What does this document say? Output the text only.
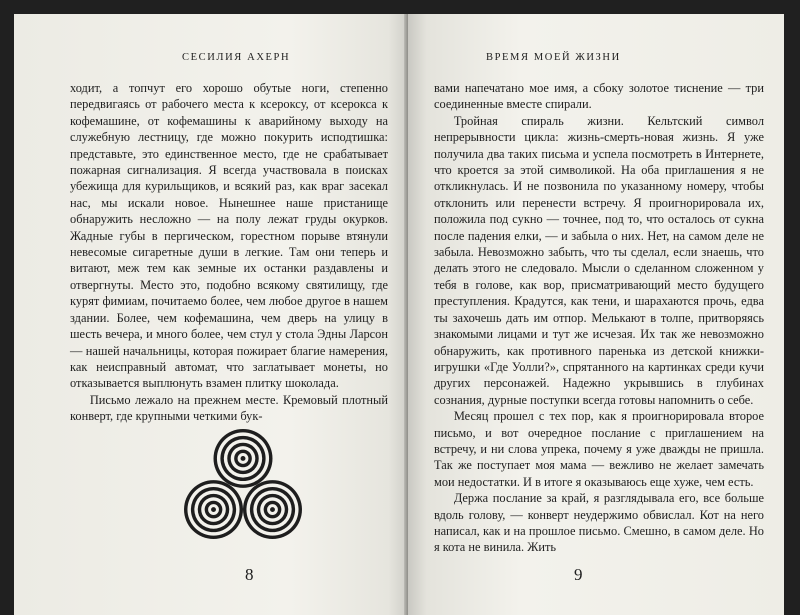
СЕСИЛИЯ АХЕРН

ходит, а топчут его хорошо обутые ноги, степенно передвигаясь от рабочего места к ксероксу, от ксерокса к кофемашине, от кофемашины к аварийному выходу на служебную лестницу, где можно покурить исподтишка: представьте, это единственное место, где не срабатывает пожарная сигнализация. Я всегда участвовала в поисках убежища для курильщиков, и всякий раз, как враг засекал нас, мы искали новое. Нынешнее наше пристанище обнаружить несложно — на полу лежат груды окурков. Жадные губы в пергическом, горестном порыве втянули невесомые сигаретные души в легкие. Там они теперь и витают, меж тем как земные их останки раздавлены и отвергнуты. Место это, подобно всякому святилищу, где курят фимиам, почитаемо более, чем любое другое в нашем здании. Более, чем кофемашина, чем дверь на улицу в шесть вечера, и много более, чем стул у стола Эдны Ларсон — нашей начальницы, которая пожирает благие намерения, как неисправный автомат, что заглатывает монеты, но отказывается выплюнуть взамен плитку шоколада.

Письмо лежало на прежнем месте. Кремовый плотный конверт, где крупными четкими бук-

8
ВРЕМЯ МОЕЙ ЖИЗНИ

вами напечатано мое имя, а сбоку золотое тиснение — три соединенные вместе спирали.

Тройная спираль жизни. Кельтский символ непрерывности цикла: жизнь-смерть-новая жизнь. Я уже получила два таких письма и успела посмотреть в Интернете, что кроется за этой символикой. На оба приглашения я не откликнулась. И не позвонила по указанному номеру, чтобы отклонить или перенести встречу. Я проигнорировала их, положила под сукно — точнее, под то, что осталось от сукна после падения елки, — и забыла о них. Нет, на самом деле не забыла. Невозможно забыть, что ты сделал, если знаешь, что делать этого не следовало. Мысли о сделанном сложенном у тебя в голове, как вор, присматривающий место будущего преступления. Крадутся, как тени, и шарахаются прочь, едва ты захочешь дать им отпор. Мелькают в толпе, притворяясь знакомыми лицами и тут же исчезая. Их так же невозможно обнаружить, как противного паренька из детской книжки-игрушки «Где Уолли?», спрятанного на картинках среди кучи других персонажей. Надежно укрывшись в глубинах сознания, дурные поступки всегда готовы напомнить о себе.

Месяц прошел с тех пор, как я проигнорировала второе письмо, и вот очередное послание с приглашением на встречу, и ни слова упрека, почему я уже дважды не пришла. Так же поступает моя мама — вежливо не желает замечать мои недостатки. И в итоге я оказываюсь еще хуже, чем есть.

Держа послание за край, я разглядывала его, все больше вдоль голову, — конверт неудержимо обвислал. Кот на него написал, как и на прошлое письмо. Смешно, в самом деле. Но я кота не винила. Жить

9
